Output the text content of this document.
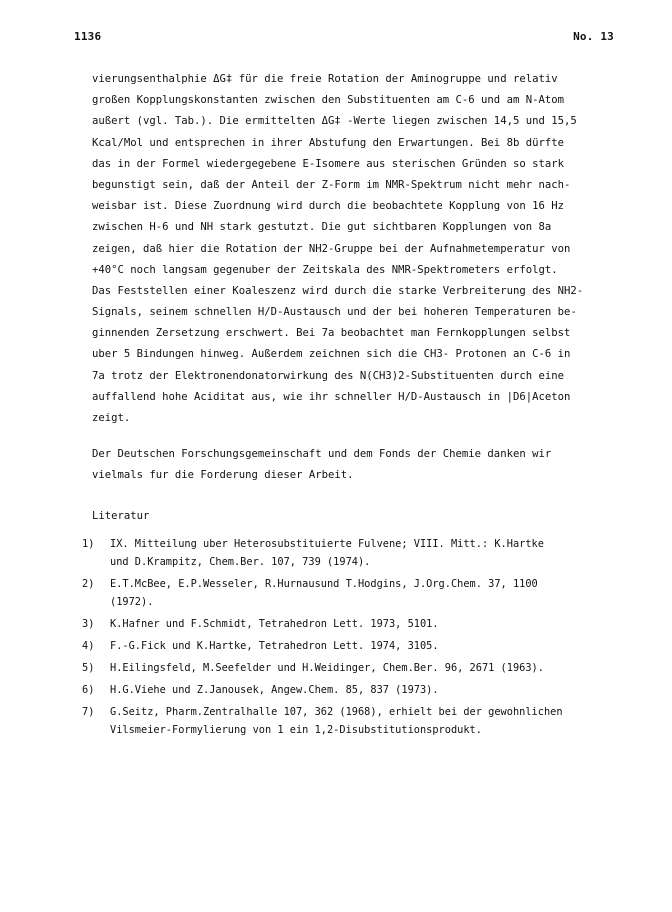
1136	No. 13
vierungsenthalphie ΔG‡ für die freie Rotation der Aminogruppe und relativ
großen Kopplungskonstanten zwischen den Substituenten am C-6 und am N-Atom
außert (vgl. Tab.). Die ermittelten ΔG‡ -Werte liegen zwischen 14,5 und 15,5
Kcal/Mol und entsprechen in ihrer Abstufung den Erwartungen. Bei 8b dürfte
das in der Formel wiedergegebene E-Isomere aus sterischen Gründen so stark
begunstigt sein, daß der Anteil der Z-Form im NMR-Spektrum nicht mehr nach-
weisbar ist. Diese Zuordnung wird durch die beobachtete Kopplung von 16 Hz
zwischen H-6 und NH stark gestutzt. Die gut sichtbaren Kopplungen von 8a
zeigen, daß hier die Rotation der NH2-Gruppe bei der Aufnahmetemperatur von
+40°C noch langsam gegenuber der Zeitskala des NMR-Spektrometers erfolgt.
Das Feststellen einer Koaleszenz wird durch die starke Verbreiterung des NH2-
Signals, seinem schnellen H/D-Austausch und der bei hoheren Temperaturen be-
ginnenden Zersetzung erschwert. Bei 7a beobachtet man Fernkopplungen selbst
uber 5 Bindungen hinweg. Außerdem zeichnen sich die CH3- Protonen an C-6 in
7a trotz der Elektronendonatorwirkung des N(CH3)2-Substituenten durch eine
auffallend hohe Aciditat aus, wie ihr schneller H/D-Austausch in |D6|Aceton
zeigt.
Der Deutschen Forschungsgemeinschaft und dem Fonds der Chemie danken wir
vielmals fur die Forderung dieser Arbeit.
Literatur
1) IX. Mitteilung uber Heterosubstituierte Fulvene; VIII. Mitt.: K.Hartke
und D.Krampitz, Chem.Ber. 107, 739 (1974).
2) E.T.McBee, E.P.Wesseler, R.Hurnausund T.Hodgins, J.Org.Chem. 37, 1100
(1972).
3) K.Hafner und F.Schmidt, Tetrahedron Lett. 1973, 5101.
4) F.-G.Fick und K.Hartke, Tetrahedron Lett. 1974, 3105.
5) H.Eilingsfeld, M.Seefelder und H.Weidinger, Chem.Ber. 96, 2671 (1963).
6) H.G.Viehe und Z.Janousek, Angew.Chem. 85, 837 (1973).
7) G.Seitz, Pharm.Zentralhalle 107, 362 (1968), erhielt bei der gewohnlichen
Vilsmeier-Formylierung von 1 ein 1,2-Disubstitutionsprodukt.
